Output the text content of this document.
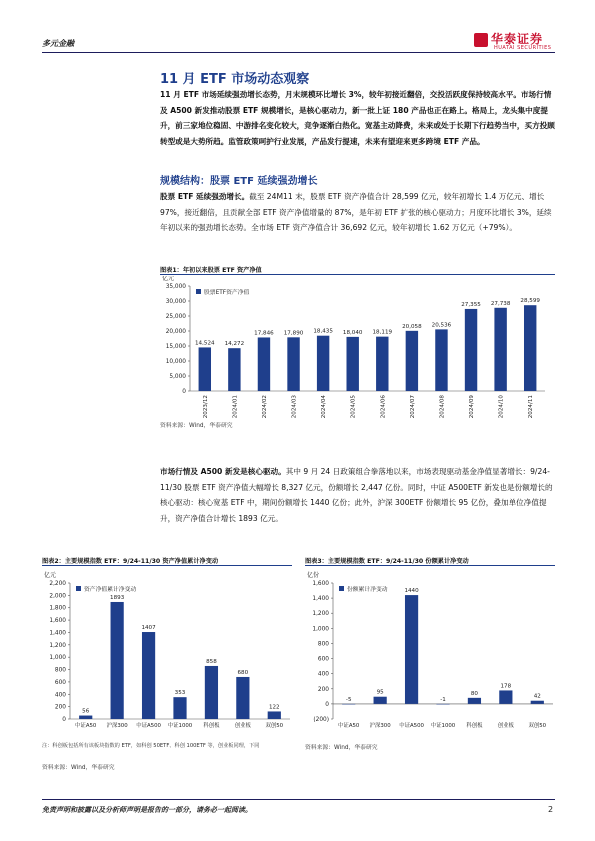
多元金融	华泰证券
HUATAI SECURITIES
11 月 ETF 市场动态观察
11 月 ETF 市场延续强劲增长态势，月末规模环比增长 3%，较年初接近翻倍，交投活跃度保持较高水平。市场行情及 A500 新发推动股票 ETF 规模增长，是核心驱动力，新一批上证 180 产品也正在路上。格局上，龙头集中度提升，前三家地位稳固、中游排名变化较大，竞争逐渐白热化。宽基主动降费，未来或处于长期下行趋势当中，买方投顾转型或是大势所趋。监管政策呵护行业发展，产品发行提速，未来有望迎来更多跨境 ETF 产品。
规模结构：股票 ETF 延续强劲增长
股票 ETF 延续强劲增长。截至 24M11 末，股票 ETF 资产净值合计 28,599 亿元，较年初增长 1.4 万亿元、增长 97%，接近翻倍，且贡献全部 ETF 资产净值增量的 87%，是年初 ETF 扩张的核心驱动力；月度环比增长 3%，延续年初以来的强劲增长态势。全市场 ETF 资产净值合计 36,692 亿元，较年初增长 1.62 万亿元（+79%）。
图表1：年初以来股票 ETF 资产净值
亿元
股票ETF资产净值
35,000
30,000
25,000
20,000
15,000
10,000
5,000
0
14,524
2023/12
14,272
2024/01
17,846
2024/02
17,890
2024/03
18,435
2024/04
18,040
2024/05
18,119
2024/06
20,058
2024/07
20,536
2024/08
27,355
2024/09
27,738
2024/10
28,599
2024/11
资料来源：Wind，华泰研究
市场行情及 A500 新发是核心驱动。其中 9 月 24 日政策组合拳落地以来，市场表现驱动基金净值显著增长：9/24-11/30 股票 ETF 资产净值大幅增长 8,327 亿元，份额增长 2,447 亿份。同时，中证 A500ETF 新发也是份额增长的核心驱动：核心宽基 ETF 中，期间份额增长 1440 亿份；此外，沪深 300ETF 份额增长 95 亿份，叠加单位净值提升，资产净值合计增长 1893 亿元。
图表2：主要规模指数 ETF：9/24-11/30 资产净值累计净变动
亿元
资产净值累计净变动
2,200
2,000
1,800
1,600
1,400
1,200
1,000
800
600
400
200
0
56
中证A50
1893
沪深300
1407
中证A500
353
中证1000
858
科创板
680
创业板
122
双创50
注：科创板包括所有该板块指数的 ETF，如科创 50ETF、科创 100ETF 等，创业板同理，下同
资料来源：Wind，华泰研究
图表3：主要规模指数 ETF：9/24-11/30 份额累计净变动
亿份
份额累计净变动
1,600
1,400
1,200
1,000
800
600
400
200
0
(200)
-5
中证A50
95
沪深300
1440
中证A500
-1
中证1000
80
科创板
178
创业板
42
双创50
资料来源：Wind，华泰研究
免责声明和披露以及分析师声明是报告的一部分，请务必一起阅读。	2
